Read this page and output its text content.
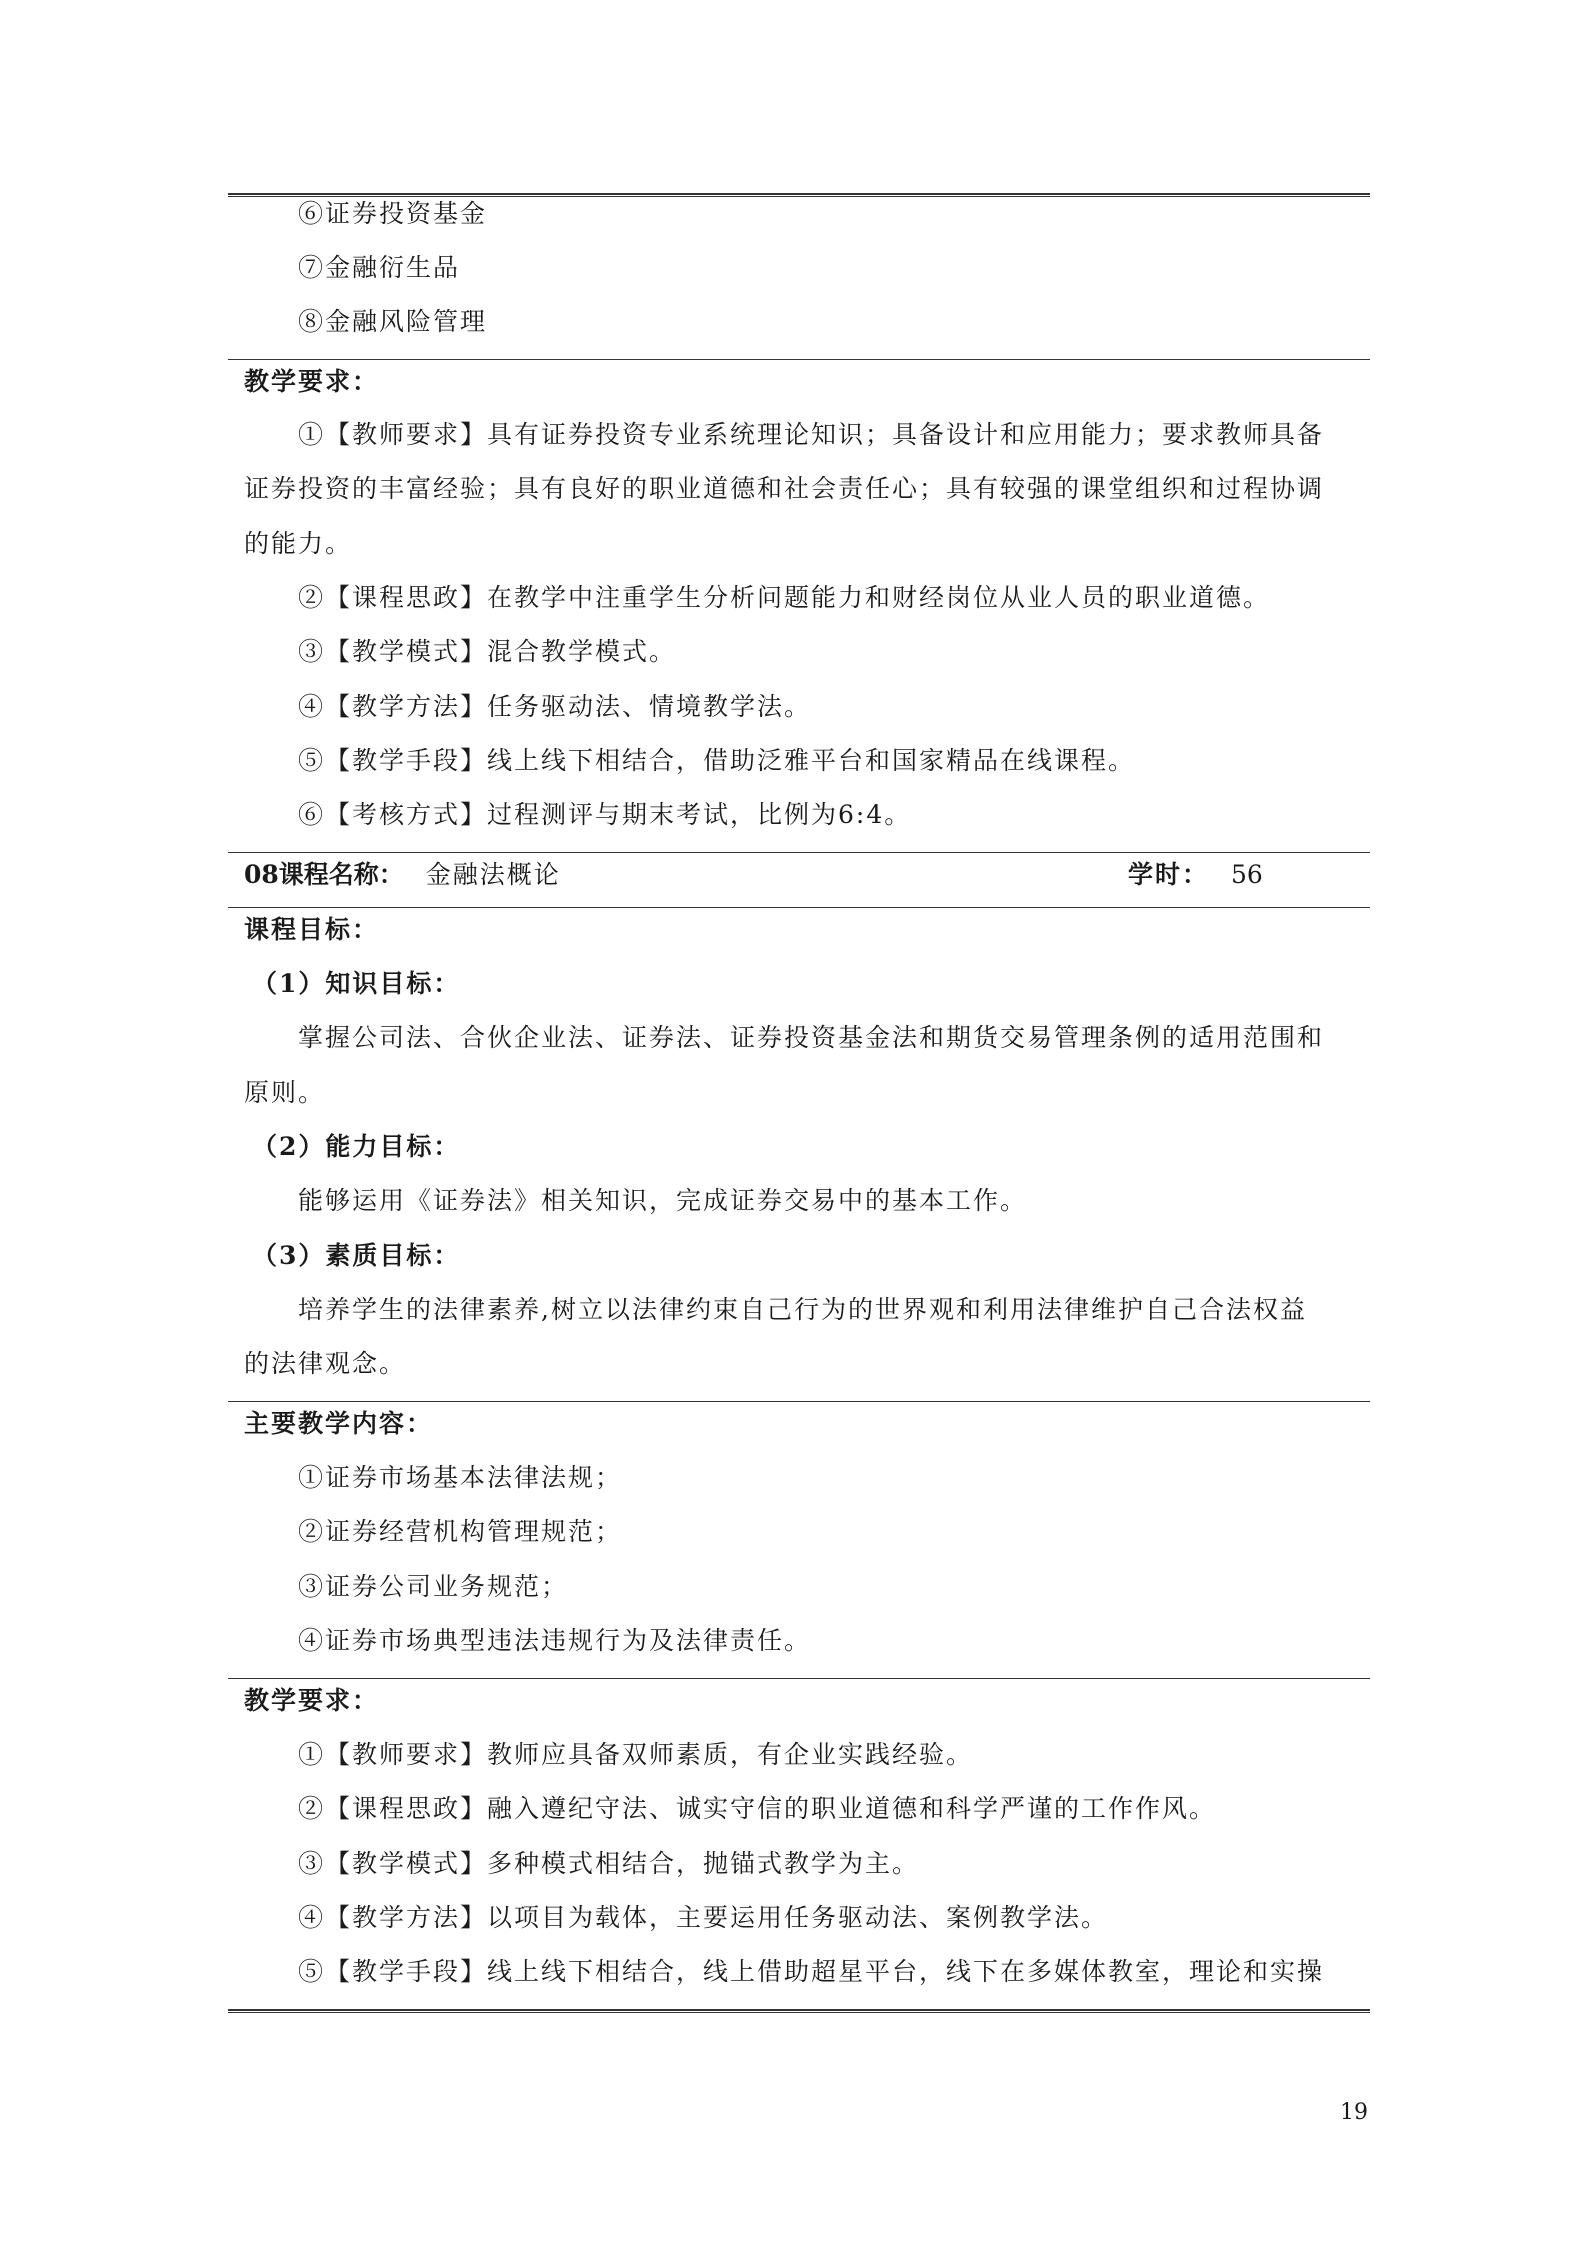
⑥证券投资基金
⑦金融衍生品
⑧金融风险管理
教学要求：
①【教师要求】具有证券投资专业系统理论知识；具备设计和应用能力；要求教师具备
证券投资的丰富经验；具有良好的职业道德和社会责任心；具有较强的课堂组织和过程协调
的能力。
②【课程思政】在教学中注重学生分析问题能力和财经岗位从业人员的职业道德。
③【教学模式】混合教学模式。
④【教学方法】任务驱动法、情境教学法。
⑤【教学手段】线上线下相结合，借助泛雅平台和国家精品在线课程。
⑥【考核方式】过程测评与期末考试，比例为6:4。
08课程名称： 金融法概论	学时： 56
课程目标：
（1）知识目标：
掌握公司法、合伙企业法、证券法、证券投资基金法和期货交易管理条例的适用范围和
原则。
（2）能力目标：
能够运用《证券法》相关知识，完成证券交易中的基本工作。
（3）素质目标：
培养学生的法律素养,树立以法律约束自己行为的世界观和利用法律维护自己合法权益
的法律观念。
主要教学内容：
①证券市场基本法律法规；
②证券经营机构管理规范；
③证券公司业务规范；
④证券市场典型违法违规行为及法律责任。
教学要求：
①【教师要求】教师应具备双师素质，有企业实践经验。
②【课程思政】融入遵纪守法、诚实守信的职业道德和科学严谨的工作作风。
③【教学模式】多种模式相结合，抛锚式教学为主。
④【教学方法】以项目为载体，主要运用任务驱动法、案例教学法。
⑤【教学手段】线上线下相结合，线上借助超星平台，线下在多媒体教室，理论和实操
19
